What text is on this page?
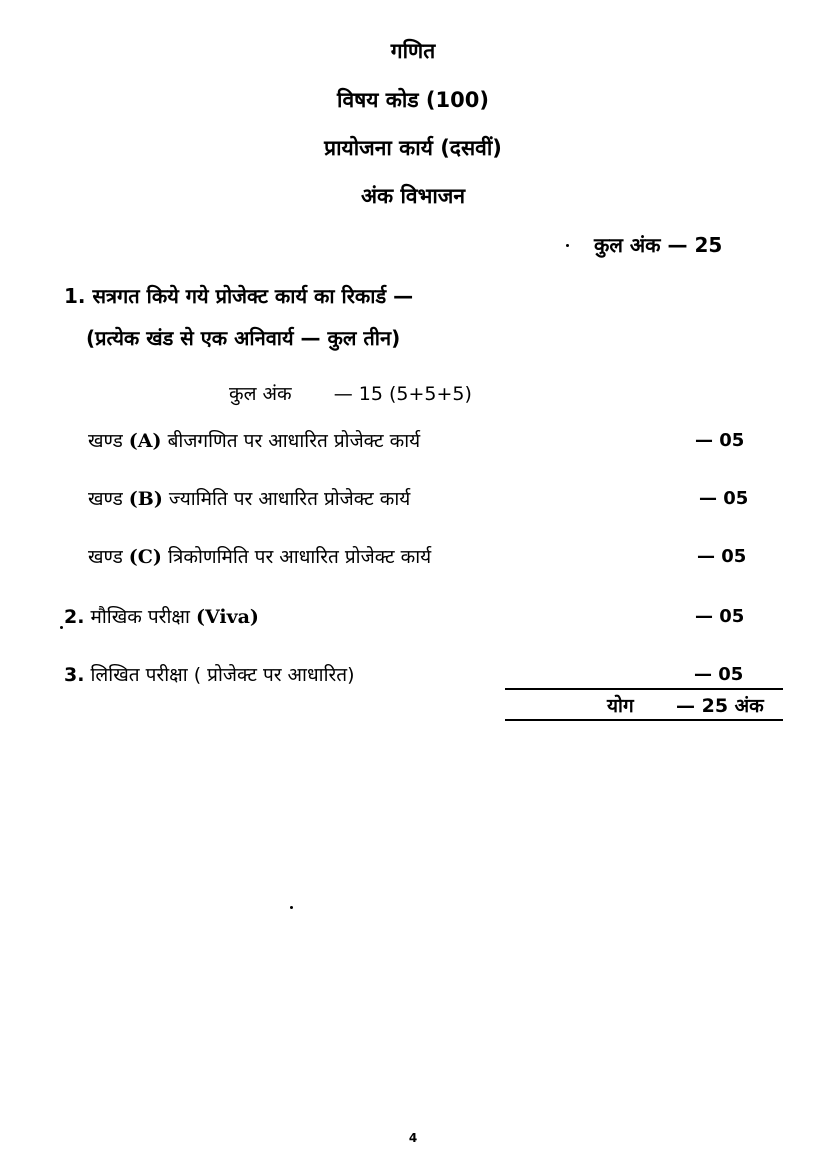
गणित
विषय कोड (100)
प्रायोजना कार्य (दसवीं)
अंक विभाजन
कुल अंक — 25
1. सत्रगत किये गये प्रोजेक्ट कार्य का रिकार्ड —
(प्रत्येक खंड से एक अनिवार्य — कुल तीन)
कुल अंक — 15 (5+5+5)
खण्ड (A) बीजगणित पर आधारित प्रोजेक्ट कार्य	— 05
खण्ड (B) ज्यामिति पर आधारित प्रोजेक्ट कार्य	— 05
खण्ड (C) त्रिकोणमिति पर आधारित प्रोजेक्ट कार्य	— 05
2. मौखिक परीक्षा (Viva)	— 05
3. लिखित परीक्षा ( प्रोजेक्ट पर आधारित)	— 05
योग — 25 अंक
4
